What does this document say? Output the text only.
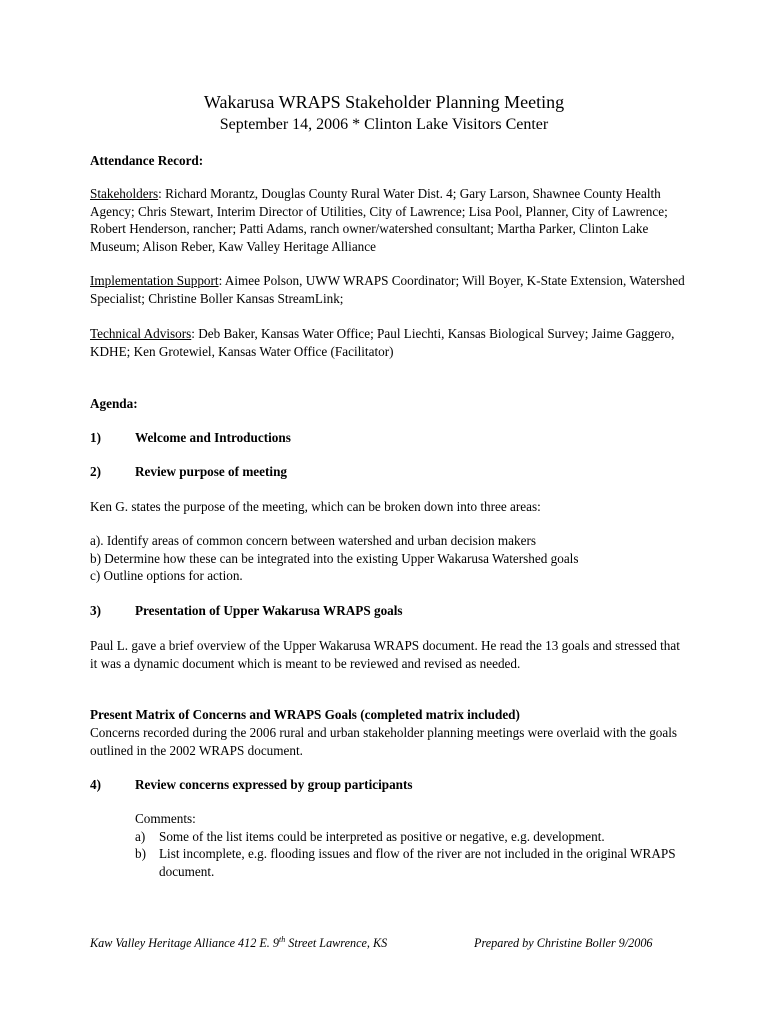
Wakarusa WRAPS Stakeholder Planning Meeting
September 14, 2006 * Clinton Lake Visitors Center
Attendance Record:
Stakeholders: Richard Morantz, Douglas County Rural Water Dist. 4; Gary Larson, Shawnee County Health Agency; Chris Stewart, Interim Director of Utilities, City of Lawrence; Lisa Pool, Planner, City of Lawrence; Robert Henderson, rancher; Patti Adams, ranch owner/watershed consultant; Martha Parker, Clinton Lake Museum; Alison Reber, Kaw Valley Heritage Alliance
Implementation Support: Aimee Polson, UWW WRAPS Coordinator; Will Boyer, K-State Extension, Watershed Specialist; Christine Boller Kansas StreamLink;
Technical Advisors: Deb Baker, Kansas Water Office; Paul Liechti, Kansas Biological Survey; Jaime Gaggero, KDHE; Ken Grotewiel, Kansas Water Office (Facilitator)
Agenda:
1)	Welcome and Introductions
2)	Review purpose of meeting
Ken G. states the purpose of the meeting, which can be broken down into three areas:
a). Identify areas of common concern between watershed and urban decision makers
b) Determine how these can be integrated into the existing Upper Wakarusa Watershed goals
c) Outline options for action.
3)	Presentation of Upper Wakarusa WRAPS goals
Paul L. gave a brief overview of the Upper Wakarusa WRAPS document. He read the 13 goals and stressed that it was a dynamic document which is meant to be reviewed and revised as needed.
Present Matrix of Concerns and WRAPS Goals (completed matrix included)
Concerns recorded during the 2006 rural and urban stakeholder planning meetings were overlaid with the goals outlined in the 2002 WRAPS document.
4)	Review concerns expressed by group participants
Comments:
a) Some of the list items could be interpreted as positive or negative, e.g. development.
b) List incomplete, e.g. flooding issues and flow of the river are not included in the original WRAPS document.
Kaw Valley Heritage Alliance 412 E. 9th Street Lawrence, KS	Prepared by Christine Boller 9/2006
